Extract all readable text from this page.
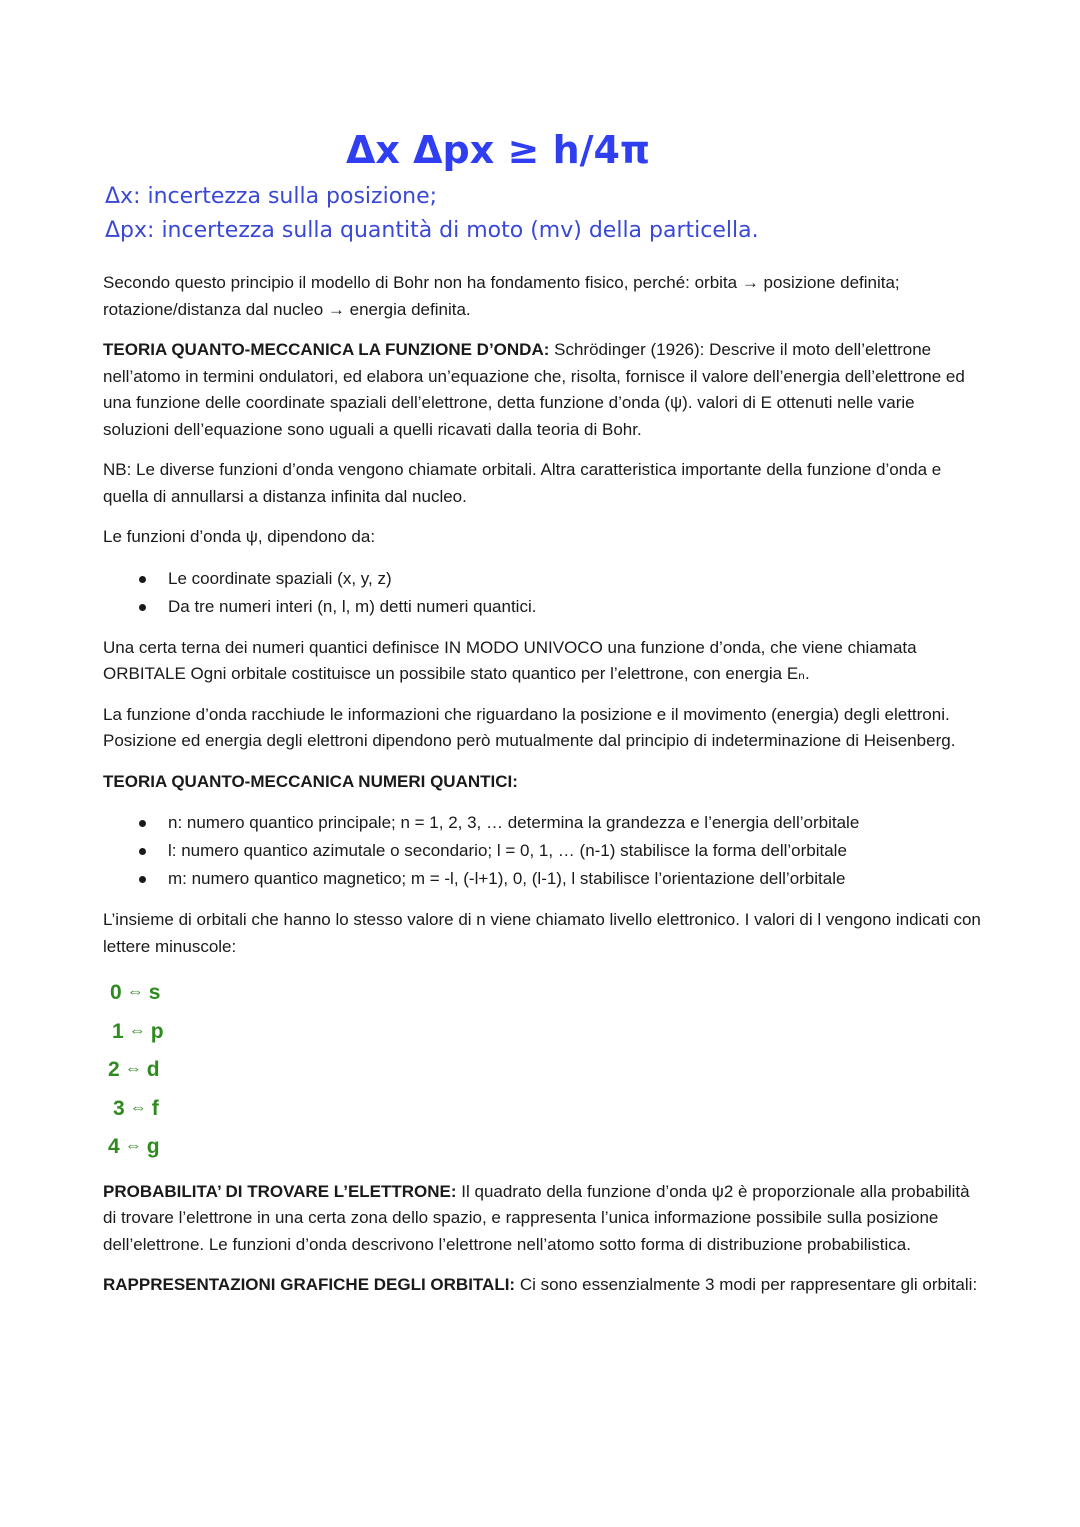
Δx Δpx ≥ h/4π
Δx: incertezza sulla posizione;
Δpx: incertezza sulla quantità di moto (mv) della particella.

Secondo questo principio il modello di Bohr non ha fondamento fisico, perché: orbita → posizione definita; rotazione/distanza dal nucleo → energia definita.

TEORIA QUANTO-MECCANICA LA FUNZIONE D’ONDA: Schrödinger (1926): Descrive il moto dell’elettrone nell’atomo in termini ondulatori, ed elabora un’equazione che, risolta, fornisce il valore dell’energia dell’elettrone ed una funzione delle coordinate spaziali dell’elettrone, detta funzione d’onda (ψ). valori di E ottenuti nelle varie soluzioni dell’equazione sono uguali a quelli ricavati dalla teoria di Bohr.

NB: Le diverse funzioni d’onda vengono chiamate orbitali. Altra caratteristica importante della funzione d’onda e quella di annullarsi a distanza infinita dal nucleo.

Le funzioni d’onda ψ, dipendono da:

Le coordinate spaziali (x, y, z)
Da tre numeri interi (n, l, m) detti numeri quantici.

Una certa terna dei numeri quantici definisce IN MODO UNIVOCO una funzione d’onda, che viene chiamata ORBITALE Ogni orbitale costituisce un possibile stato quantico per l’elettrone, con energia Eₙ.

La funzione d’onda racchiude le informazioni che riguardano la posizione e il movimento (energia) degli elettroni. Posizione ed energia degli elettroni dipendono però mutualmente dal principio di indeterminazione di Heisenberg.

TEORIA QUANTO-MECCANICA NUMERI QUANTICI:

n: numero quantico principale; n = 1, 2, 3, … determina la grandezza e l’energia dell’orbitale
l: numero quantico azimutale o secondario; l = 0, 1, … (n-1) stabilisce la forma dell’orbitale
m: numero quantico magnetico; m = -l, (-l+1), 0, (l-1), l stabilisce l’orientazione dell’orbitale

L’insieme di orbitali che hanno lo stesso valore di n viene chiamato livello elettronico. I valori di l vengono indicati con lettere minuscole:

0 ⇔ s
1 ⇔ p
2 ⇔ d
3 ⇔ f
4 ⇔ g

PROBABILITA’ DI TROVARE L’ELETTRONE: Il quadrato della funzione d’onda ψ2 è proporzionale alla probabilità di trovare l’elettrone in una certa zona dello spazio, e rappresenta l’unica informazione possibile sulla posizione dell’elettrone. Le funzioni d’onda descrivono l’elettrone nell’atomo sotto forma di distribuzione probabilistica.

RAPPRESENTAZIONI GRAFICHE DEGLI ORBITALI: Ci sono essenzialmente 3 modi per rappresentare gli orbitali:
